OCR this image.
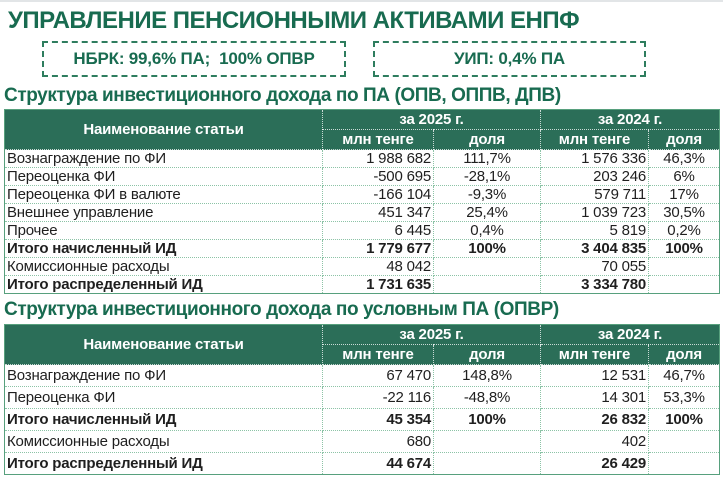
УПРАВЛЕНИЕ ПЕНСИОННЫМИ АКТИВАМИ ЕНПФ
НБРК: 99,6% ПА;  100% ОПВР	УИП: 0,4% ПА
Структура инвестиционного дохода по ПА (ОПВ, ОППВ, ДПВ)
Наименование статьи	за 2025 г.		за 2024 г.	
	млн тенге	доля	млн тенге	доля
Вознаграждение по ФИ	1 988 682	111,7%	1 576 336	46,3%
Переоценка ФИ	-500 695	-28,1%	203 246	6%
Переоценка ФИ в валюте	-166 104	-9,3%	579 711	17%
Внешнее управление	451 347	25,4%	1 039 723	30,5%
Прочее	6 445	0,4%	5 819	0,2%
Итого начисленный ИД	1 779 677	100%	3 404 835	100%
Комиссионные расходы	48 042		70 055	
Итого распределенный ИД	1 731 635		3 334 780	
Структура инвестиционного дохода по условным ПА (ОПВР)
Наименование статьи	за 2025 г.		за 2024 г.	
	млн тенге	доля	млн тенге	доля
Вознаграждение по ФИ	67 470	148,8%	12 531	46,7%
Переоценка ФИ	-22 116	-48,8%	14 301	53,3%
Итого начисленный ИД	45 354	100%	26 832	100%
Комиссионные расходы	680		402	
Итого распределенный ИД	44 674		26 429	
